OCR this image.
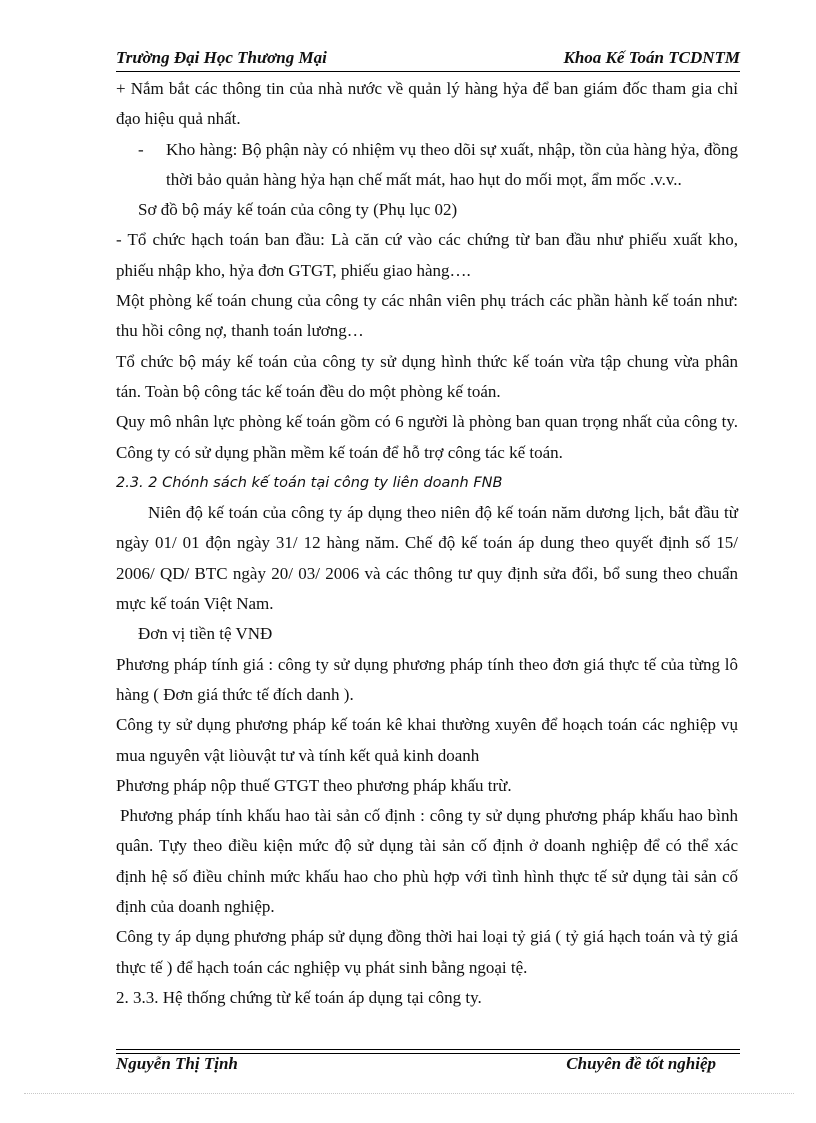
Trường Đại Học Thương Mại	Khoa Kế Toán TCDNTM

+ Nắm bắt các thông tin của nhà nước về quản lý hàng hỷa để ban giám đốc tham gia chỉ đạo hiệu quả nhất.

- Kho hàng: Bộ phận này có nhiệm vụ theo dõi sự xuất, nhập, tồn của hàng hỷa, đồng thời bảo quản hàng hỷa hạn chế mất mát, hao hụt do mối mọt, ẩm mốc .v.v..

Sơ đồ bộ máy kế toán của công ty (Phụ lục 02)

- Tổ chức hạch toán ban đầu: Là căn cứ vào các chứng từ ban đầu như phiếu xuất kho, phiếu nhập kho, hỷa đơn GTGT, phiếu giao hàng….

Một phòng kế toán chung của công ty các nhân viên phụ trách các phần hành kế toán như: thu hồi công nợ, thanh toán lương…

Tổ chức bộ máy kế toán của công ty sử dụng hình thức kế toán vừa tập chung vừa phân tán. Toàn bộ công tác kế toán đều do một phòng kế toán.

Quy mô nhân lực phòng kế toán gồm có 6 người là phòng ban quan trọng nhất của công ty. Công ty có sử dụng phần mềm kế toán để hỗ trợ công tác kế toán.

2.3. 2 Chónh sách kế toán tại công ty liên doanh FNB

Niên độ kế toán của công ty áp dụng theo niên độ kế toán năm dương lịch, bắt đầu từ ngày 01/ 01 độn ngày 31/ 12 hàng năm. Chế độ kế toán áp dung theo quyết định số 15/ 2006/ QD/ BTC ngày 20/ 03/ 2006 và các thông tư quy định sửa đổi, bổ sung theo chuẩn mực kế toán Việt Nam.

Đơn vị tiền tệ VNĐ

Phương pháp tính giá : công ty sử dụng phương pháp tính theo đơn giá thực tế của từng lô hàng ( Đơn giá thức tế đích danh ).

Công ty sử dụng phương pháp kế toán kê khai thường xuyên để hoạch toán các nghiệp vụ mua nguyên vật liòuvật tư và tính kết quả kinh doanh

Phương pháp nộp thuế GTGT theo phương pháp khấu trừ.

Phương pháp tính khấu hao tài sản cố định : công ty sử dụng phương pháp khấu hao bình quân. Tựy theo điều kiện mức độ sử dụng tài sản cố định ở doanh nghiệp để có thể xác định hệ số điều chỉnh mức khấu hao cho phù hợp với tình hình thực tế sử dụng tài sản cố định của doanh nghiệp.

Công ty áp dụng phương pháp sử dụng đồng thời hai loại tỷ giá ( tỷ giá hạch toán và tỷ giá thực tế ) để hạch toán các nghiệp vụ phát sinh bằng ngoại tệ.

2. 3.3. Hệ thống chứng từ kế toán áp dụng tại công ty.

Nguyễn Thị Tịnh	Chuyên đề tốt nghiệp
